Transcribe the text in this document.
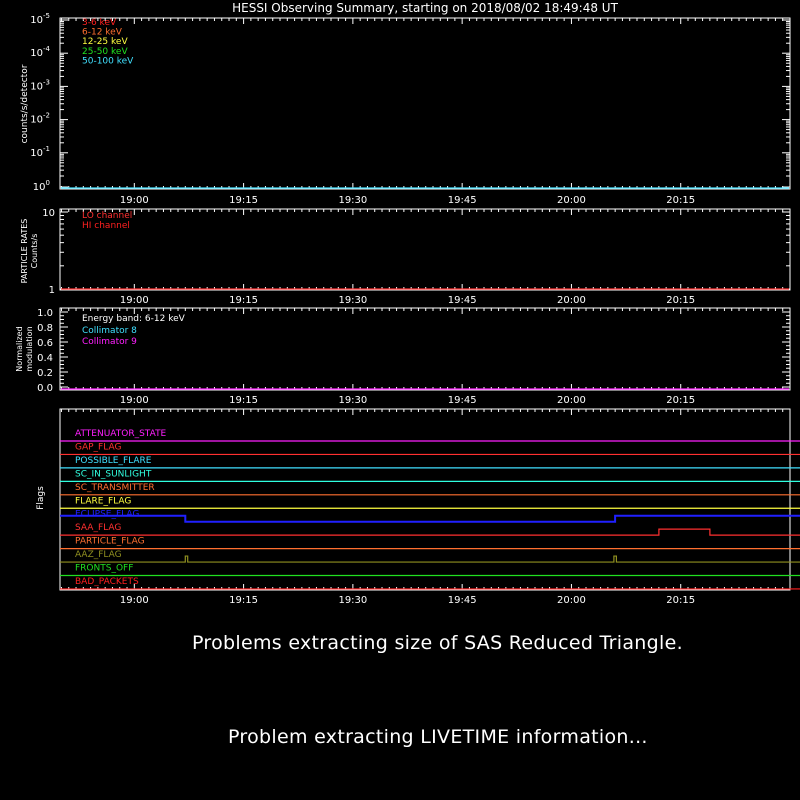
HESSI Observing Summary, starting on 2018/08/02 18:49:48 UT
$10^{-5}$
$10^{-4}$
$10^{-3}$
$10^{-2}$
$10^{-1}$
$10^0$
counts/s/detector
3-6 keV
6-12 keV
12-25 keV
25-50 keV
50-100 keV
19:00	19:15	19:30	19:45	20:00	20:15
10
1
PARTICLE RATES Counts/s
LO channel
HI channel
19:00	19:15	19:30	19:45	20:00	20:15
1.0
0.8
0.6
0.4
0.2
0.0
Normalized modulation
Energy band: 6-12 keV
Collimator 8
Collimator 9
19:00	19:15	19:30	19:45	20:00	20:15
Flags
ATTENUATOR_STATE
GAP_FLAG
POSSIBLE_FLARE
SC_IN_SUNLIGHT
SC_TRANSMITTER
FLARE_FLAG
ECLIPSE_FLAG
SAA_FLAG
PARTICLE_FLAG
AAZ_FLAG
FRONTS_OFF
BAD_PACKETS
19:00	19:15	19:30	19:45	20:00	20:15
Problems extracting size of SAS Reduced Triangle.
Problem extracting LIVETIME information...
